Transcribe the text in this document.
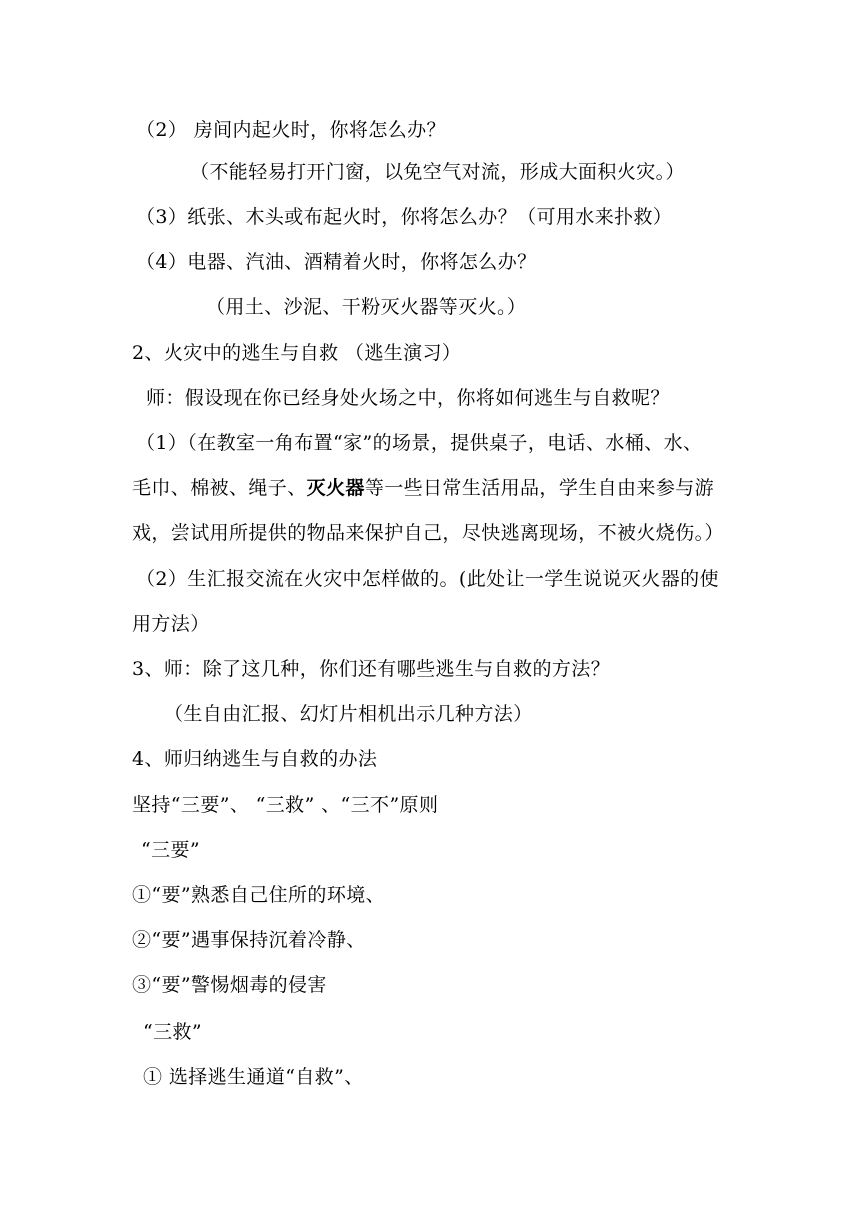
（2） 房间内起火时，你将怎么办？
（不能轻易打开门窗，以免空气对流，形成大面积火灾。）
（3）纸张、木头或布起火时，你将怎么办？（可用水来扑救）
（4）电器、汽油、酒精着火时，你将怎么办？
（用土、沙泥、干粉灭火器等灭火。）
2、火灾中的逃生与自救 （逃生演习）
师：假设现在你已经身处火场之中，你将如何逃生与自救呢？
（1）（在教室一角布置“家”的场景，提供桌子，电话、水桶、水、
毛巾、棉被、绳子、灭火器等一些日常生活用品，学生自由来参与游
戏，尝试用所提供的物品来保护自己，尽快逃离现场，不被火烧伤。）
（2）生汇报交流在火灾中怎样做的。(此处让一学生说说灭火器的使
用方法）
3、师：除了这几种，你们还有哪些逃生与自救的方法？
（生自由汇报、幻灯片相机出示几种方法）
4、师归纳逃生与自救的办法
坚持“三要”、 “三救” 、“三不”原则
“三要”
①“要”熟悉自己住所的环境、
②“要”遇事保持沉着冷静、
③“要”警惕烟毒的侵害
“三救”
① 选择逃生通道“自救”、
